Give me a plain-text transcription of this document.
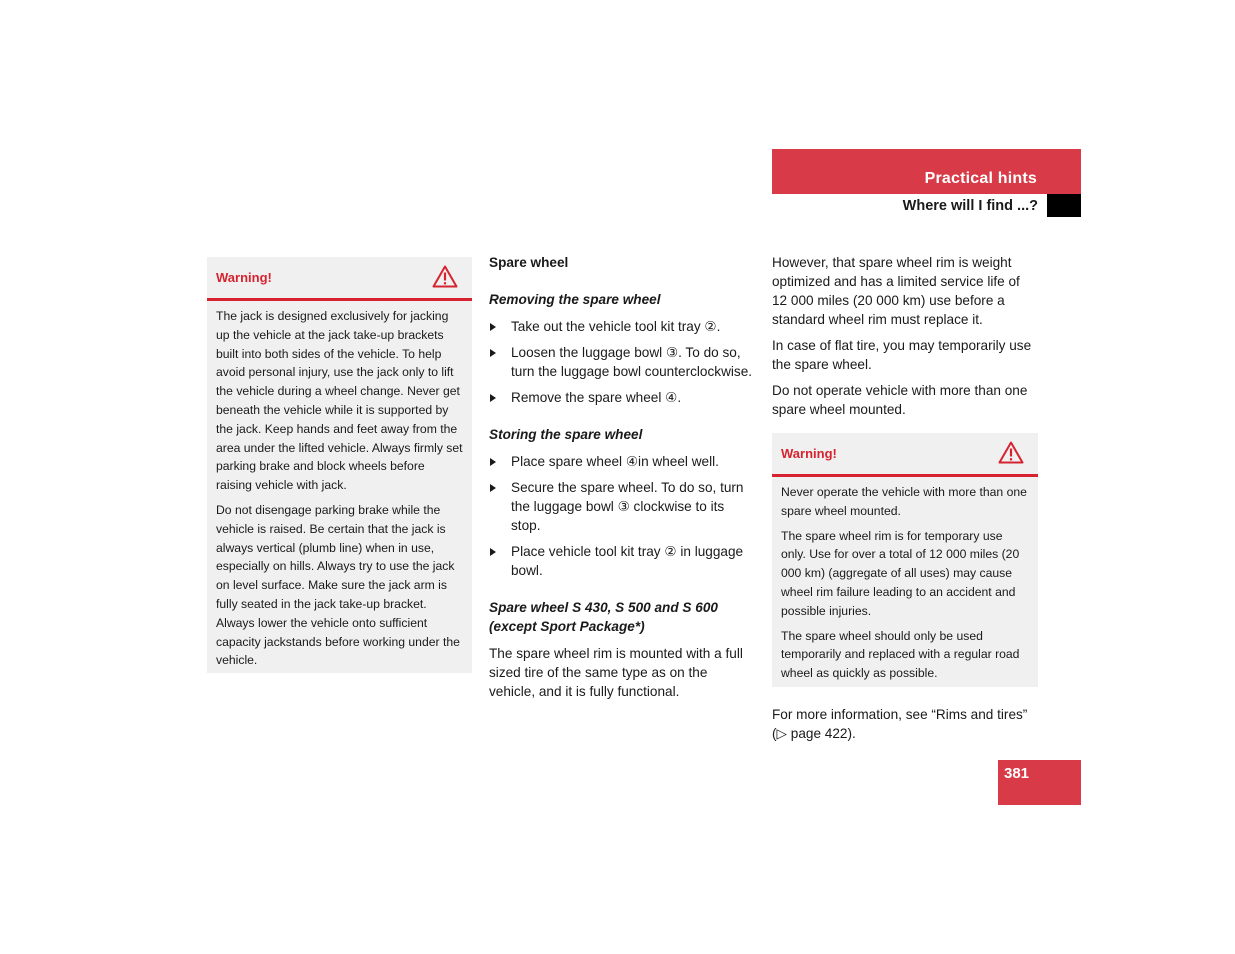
Practical hints
Where will I find ...?
Warning!

The jack is designed exclusively for jacking up the vehicle at the jack take-up brackets built into both sides of the vehicle. To help avoid personal injury, use the jack only to lift the vehicle during a wheel change. Never get beneath the vehicle while it is supported by the jack. Keep hands and feet away from the area under the lifted vehicle. Always firmly set parking brake and block wheels before raising vehicle with jack.

Do not disengage parking brake while the vehicle is raised. Be certain that the jack is always vertical (plumb line) when in use, especially on hills. Always try to use the jack on level surface. Make sure the jack arm is fully seated in the jack take-up bracket. Always lower the vehicle onto sufficient capacity jackstands before working under the vehicle.

Spare wheel

Removing the spare wheel

Take out the vehicle tool kit tray ②.
Loosen the luggage bowl ③. To do so, turn the luggage bowl counterclockwise.
Remove the spare wheel ④.

Storing the spare wheel

Place spare wheel ④in wheel well.
Secure the spare wheel. To do so, turn the luggage bowl ③ clockwise to its stop.
Place vehicle tool kit tray ② in luggage bowl.

Spare wheel S 430, S 500 and S 600 (except Sport Package*)

The spare wheel rim is mounted with a full sized tire of the same type as on the vehicle, and it is fully functional.

However, that spare wheel rim is weight optimized and has a limited service life of 12 000 miles (20 000 km) use before a standard wheel rim must replace it.

In case of flat tire, you may temporarily use the spare wheel.

Do not operate vehicle with more than one spare wheel mounted.

Warning!

Never operate the vehicle with more than one spare wheel mounted.

The spare wheel rim is for temporary use only. Use for over a total of 12 000 miles (20 000 km) (aggregate of all uses) may cause wheel rim failure leading to an accident and possible injuries.

The spare wheel should only be used temporarily and replaced with a regular road wheel as quickly as possible.

For more information, see “Rims and tires” (▷ page 422).

381
